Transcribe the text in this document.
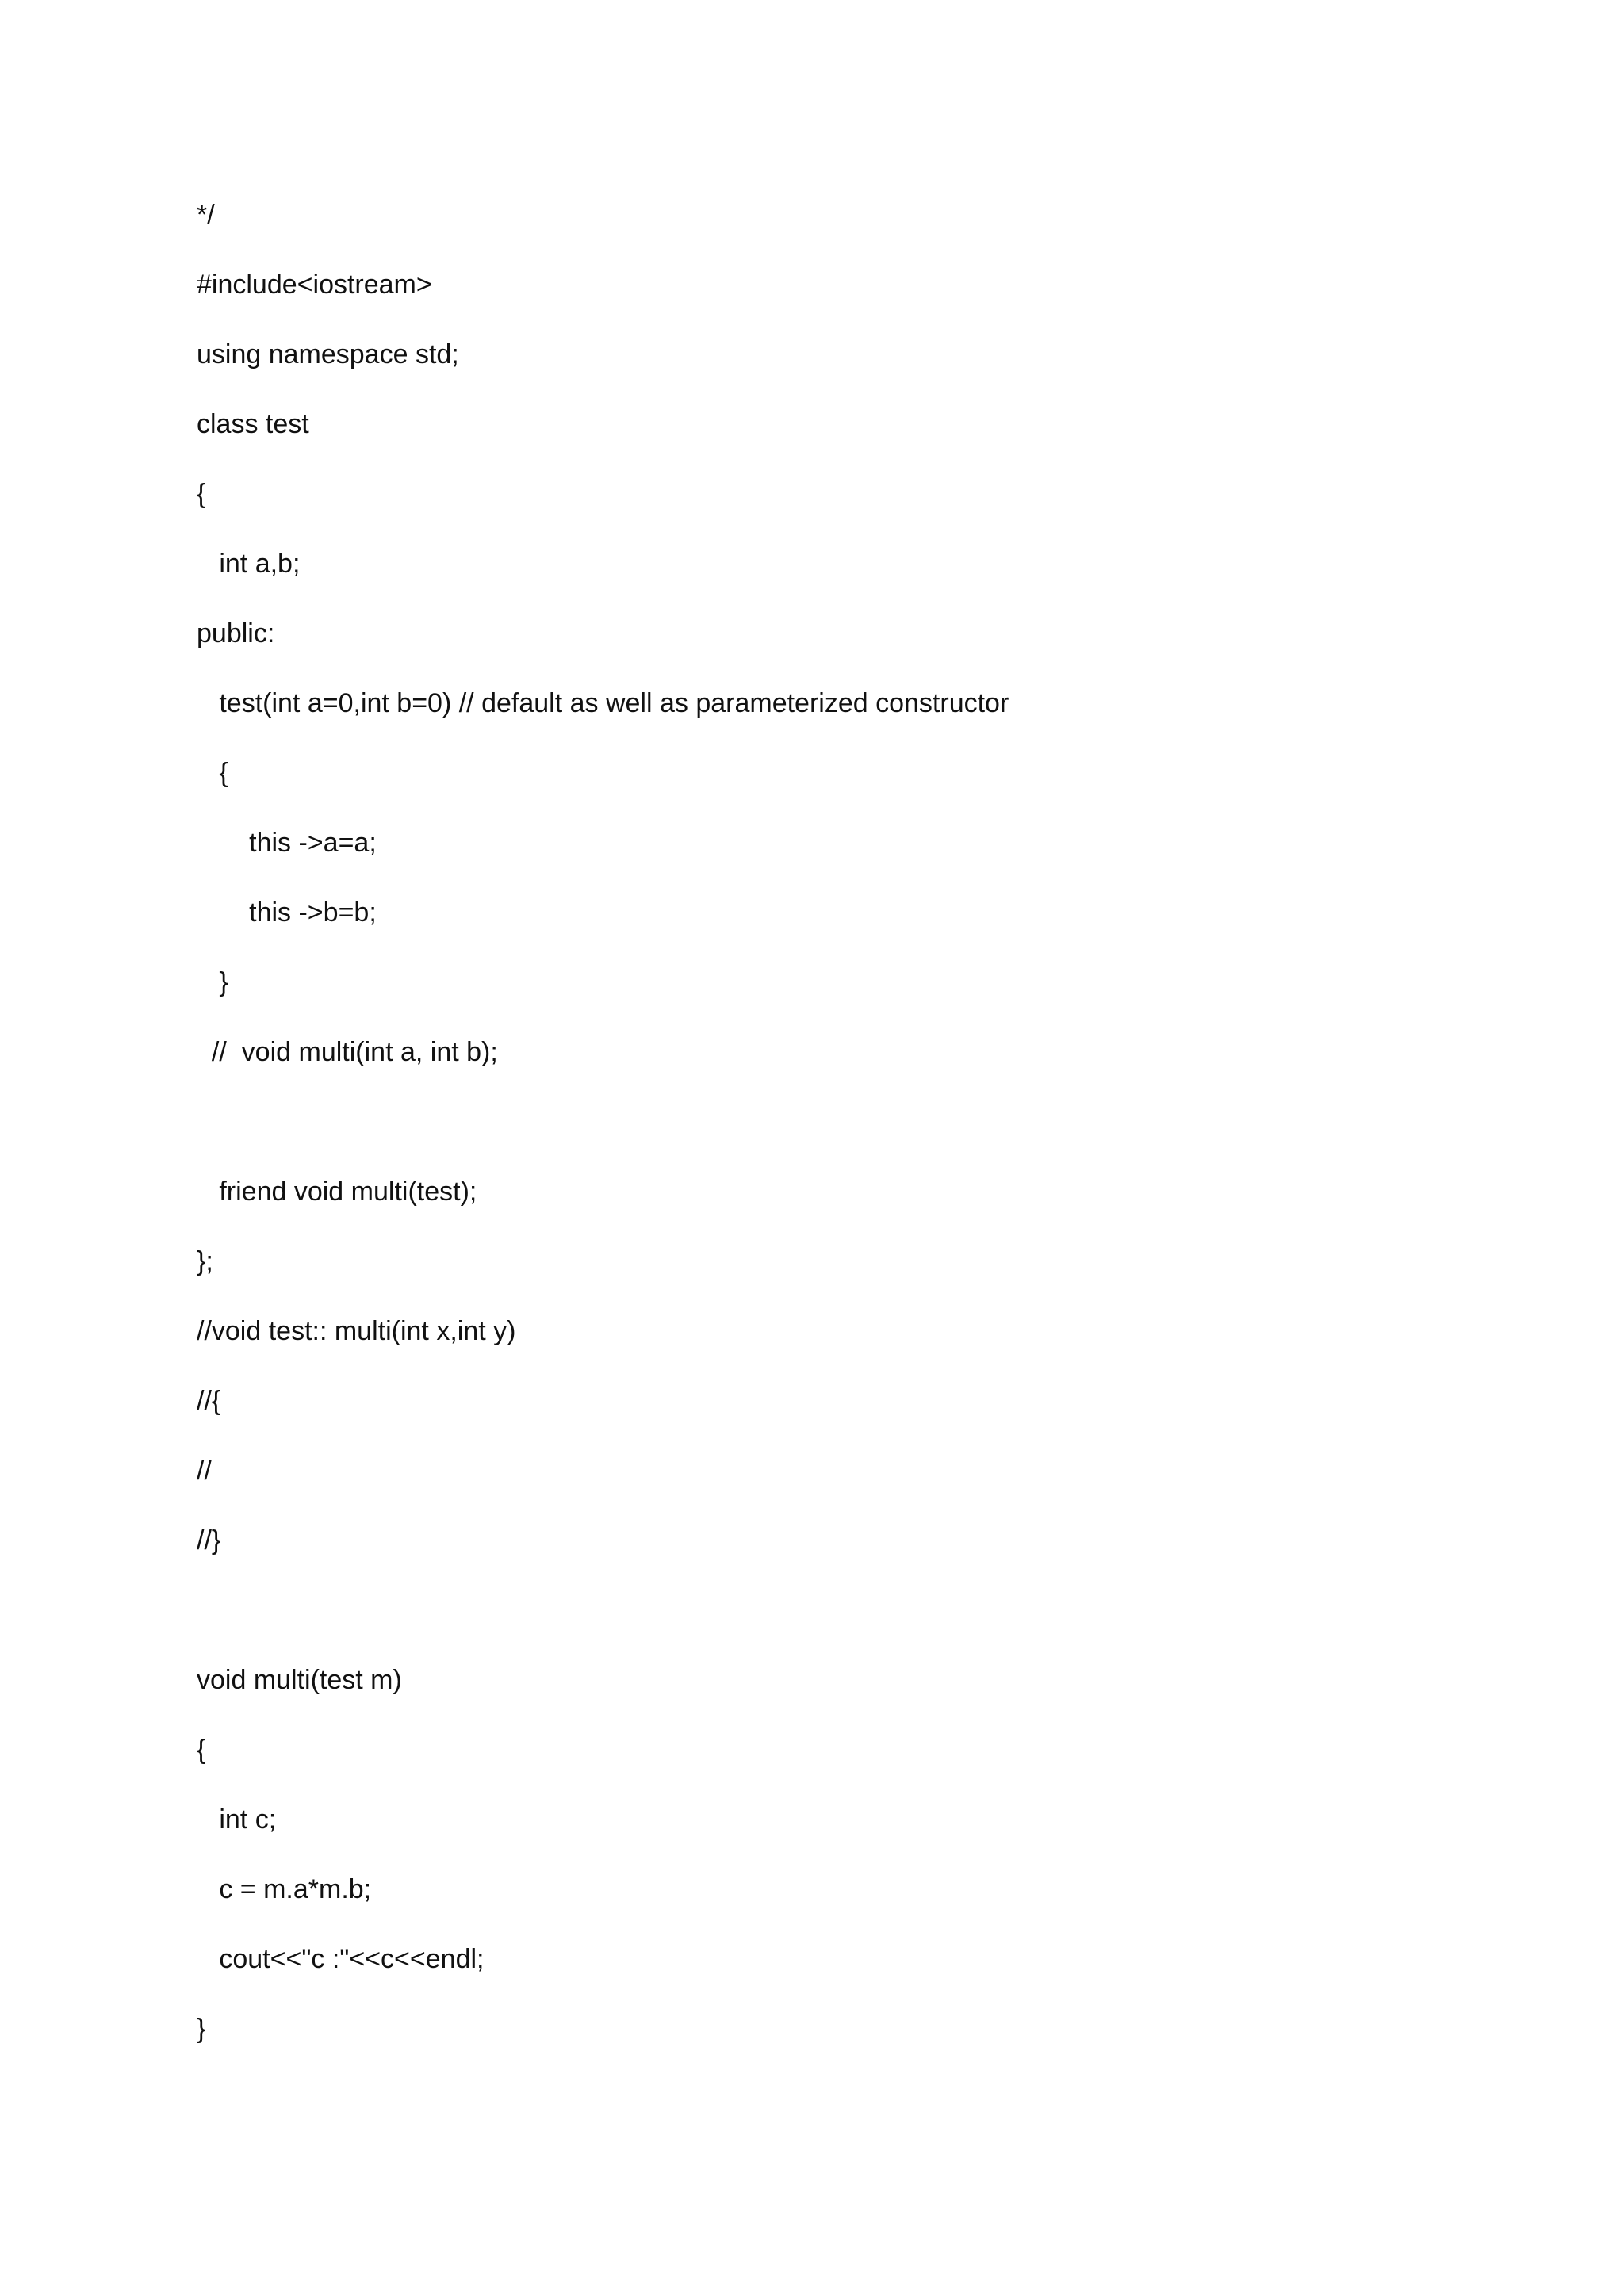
*/
#include<iostream>
using namespace std;
class test
{
int a,b;
public:
test(int a=0,int b=0) // default as well as parameterized constructor
{
this ->a=a;
this ->b=b;
}
//  void multi(int a, int b);
friend void multi(test);
};
//void test:: multi(int x,int y)
//{
//
//}
void multi(test m)
{
int c;
c = m.a*m.b;
cout<<"c :"<<c<<endl;
}
